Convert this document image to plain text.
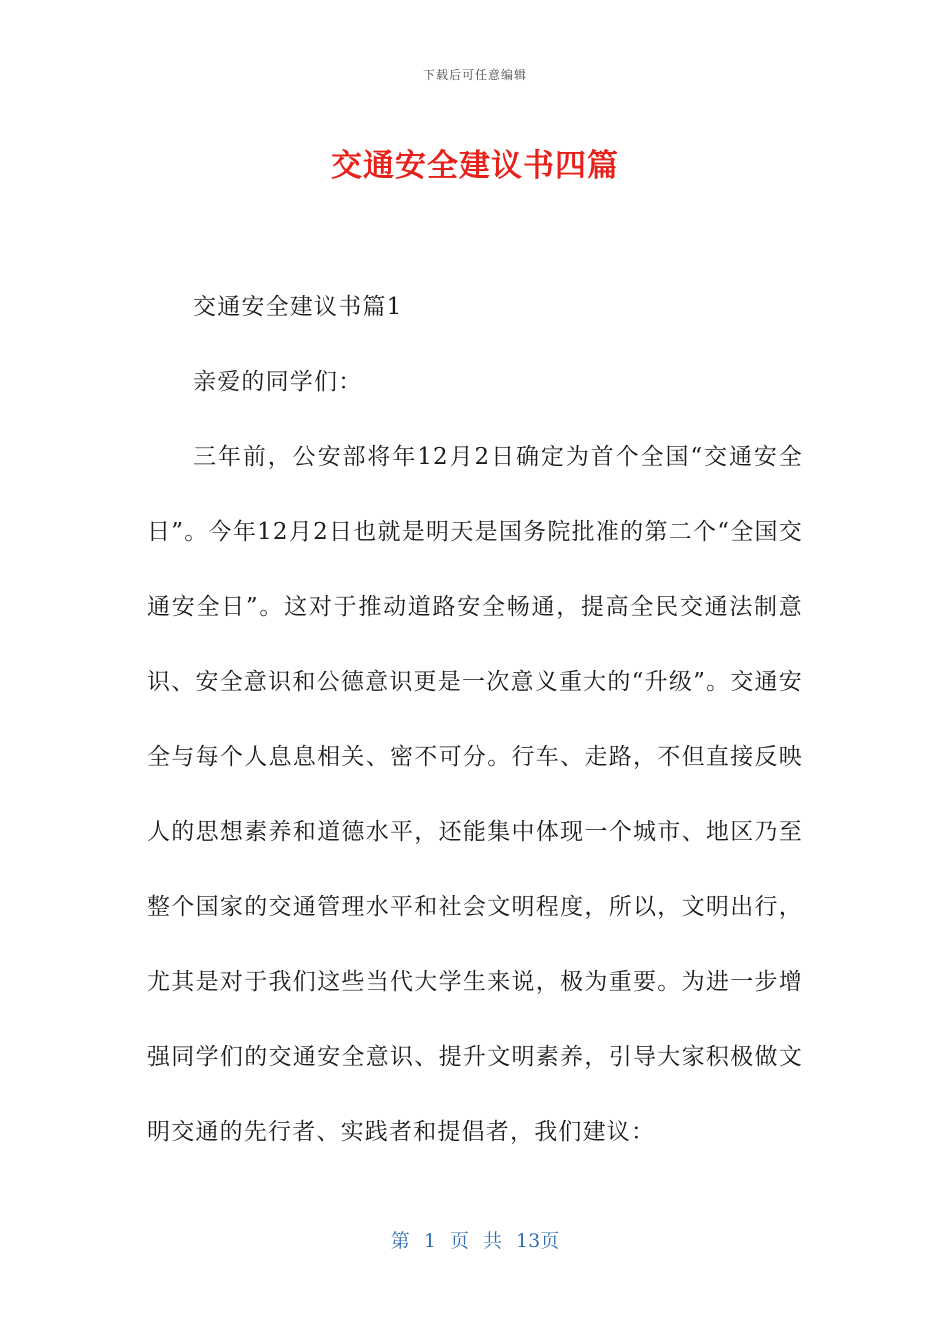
下载后可任意编辑
交通安全建议书四篇

交通安全建议书篇1

亲爱的同学们：

三年前，公安部将年12月2日确定为首个全国“交通安全日”。今年12月2日也就是明天是国务院批准的第二个“全国交通安全日”。这对于推动道路安全畅通，提高全民交通法制意识、安全意识和公德意识更是一次意义重大的“升级”。交通安全与每个人息息相关、密不可分。行车、走路，不但直接反映人的思想素养和道德水平，还能集中体现一个城市、地区乃至整个国家的交通管理水平和社会文明程度，所以，文明出行，尤其是对于我们这些当代大学生来说，极为重要。为进一步增强同学们的交通安全意识、提升文明素养，引导大家积极做文明交通的先行者、实践者和提倡者，我们建议：

第 1 页 共 13页
